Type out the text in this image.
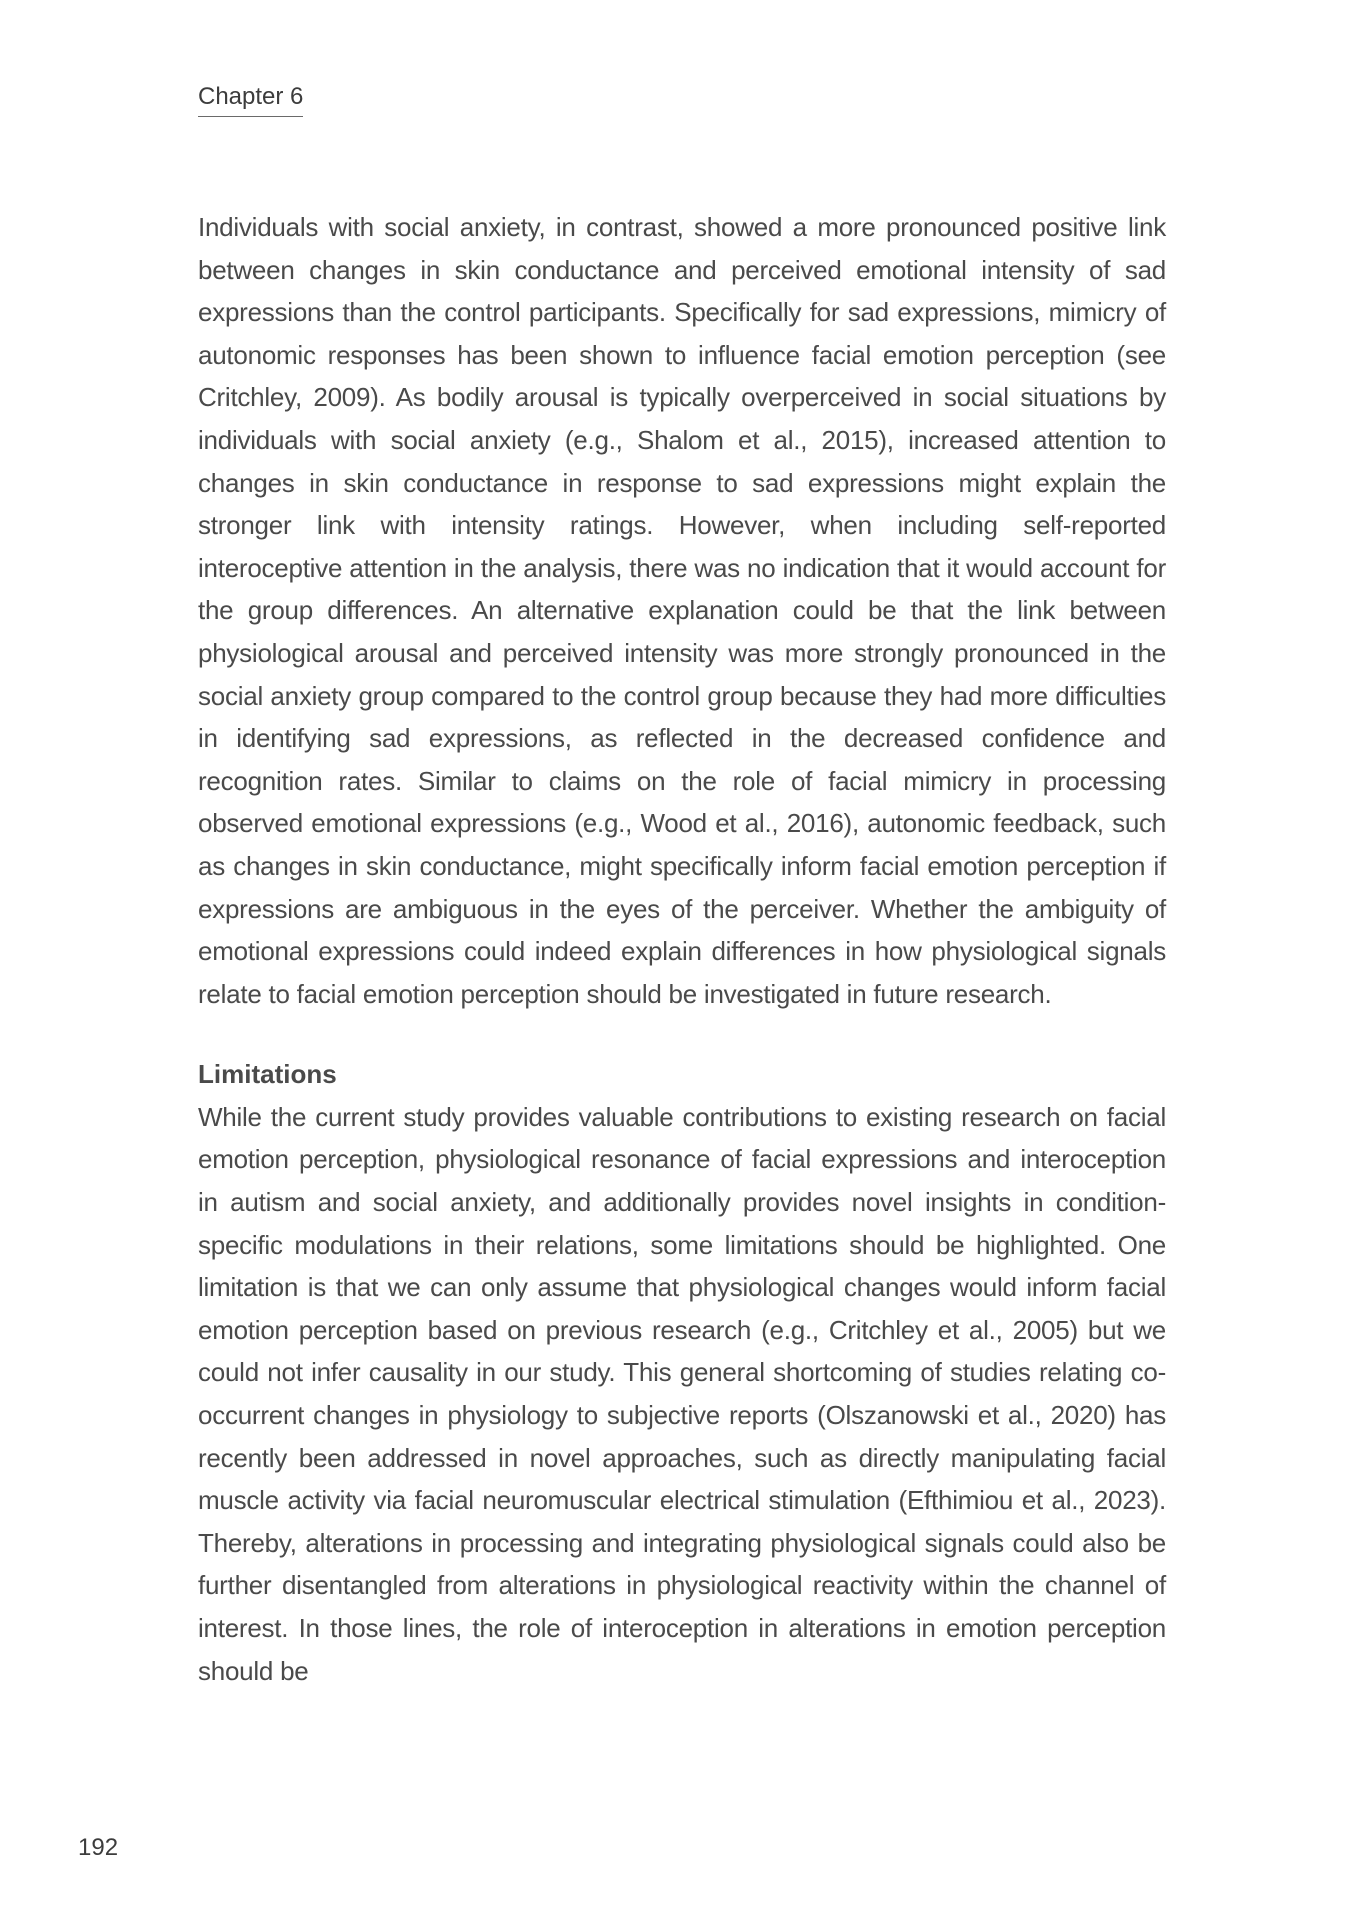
Chapter 6

Individuals with social anxiety, in contrast, showed a more pronounced positive link between changes in skin conductance and perceived emotional intensity of sad expressions than the control participants. Specifically for sad expressions, mimicry of autonomic responses has been shown to influence facial emotion perception (see Critchley, 2009). As bodily arousal is typically overperceived in social situations by individuals with social anxiety (e.g., Shalom et al., 2015), increased attention to changes in skin conductance in response to sad expressions might explain the stronger link with intensity ratings. However, when including self-reported interoceptive attention in the analysis, there was no indication that it would account for the group differences. An alternative explanation could be that the link between physiological arousal and perceived intensity was more strongly pronounced in the social anxiety group compared to the control group because they had more difficulties in identifying sad expressions, as reflected in the decreased confidence and recognition rates. Similar to claims on the role of facial mimicry in processing observed emotional expressions (e.g., Wood et al., 2016), autonomic feedback, such as changes in skin conductance, might specifically inform facial emotion perception if expressions are ambiguous in the eyes of the perceiver. Whether the ambiguity of emotional expressions could indeed explain differences in how physiological signals relate to facial emotion perception should be investigated in future research.

Limitations

While the current study provides valuable contributions to existing research on facial emotion perception, physiological resonance of facial expressions and interoception in autism and social anxiety, and additionally provides novel insights in condition-specific modulations in their relations, some limitations should be highlighted. One limitation is that we can only assume that physiological changes would inform facial emotion perception based on previous research (e.g., Critchley et al., 2005) but we could not infer causality in our study. This general shortcoming of studies relating co-occurrent changes in physiology to subjective reports (Olszanowski et al., 2020) has recently been addressed in novel approaches, such as directly manipulating facial muscle activity via facial neuromuscular electrical stimulation (Efthimiou et al., 2023). Thereby, alterations in processing and integrating physiological signals could also be further disentangled from alterations in physiological reactivity within the channel of interest. In those lines, the role of interoception in alterations in emotion perception should be

192
